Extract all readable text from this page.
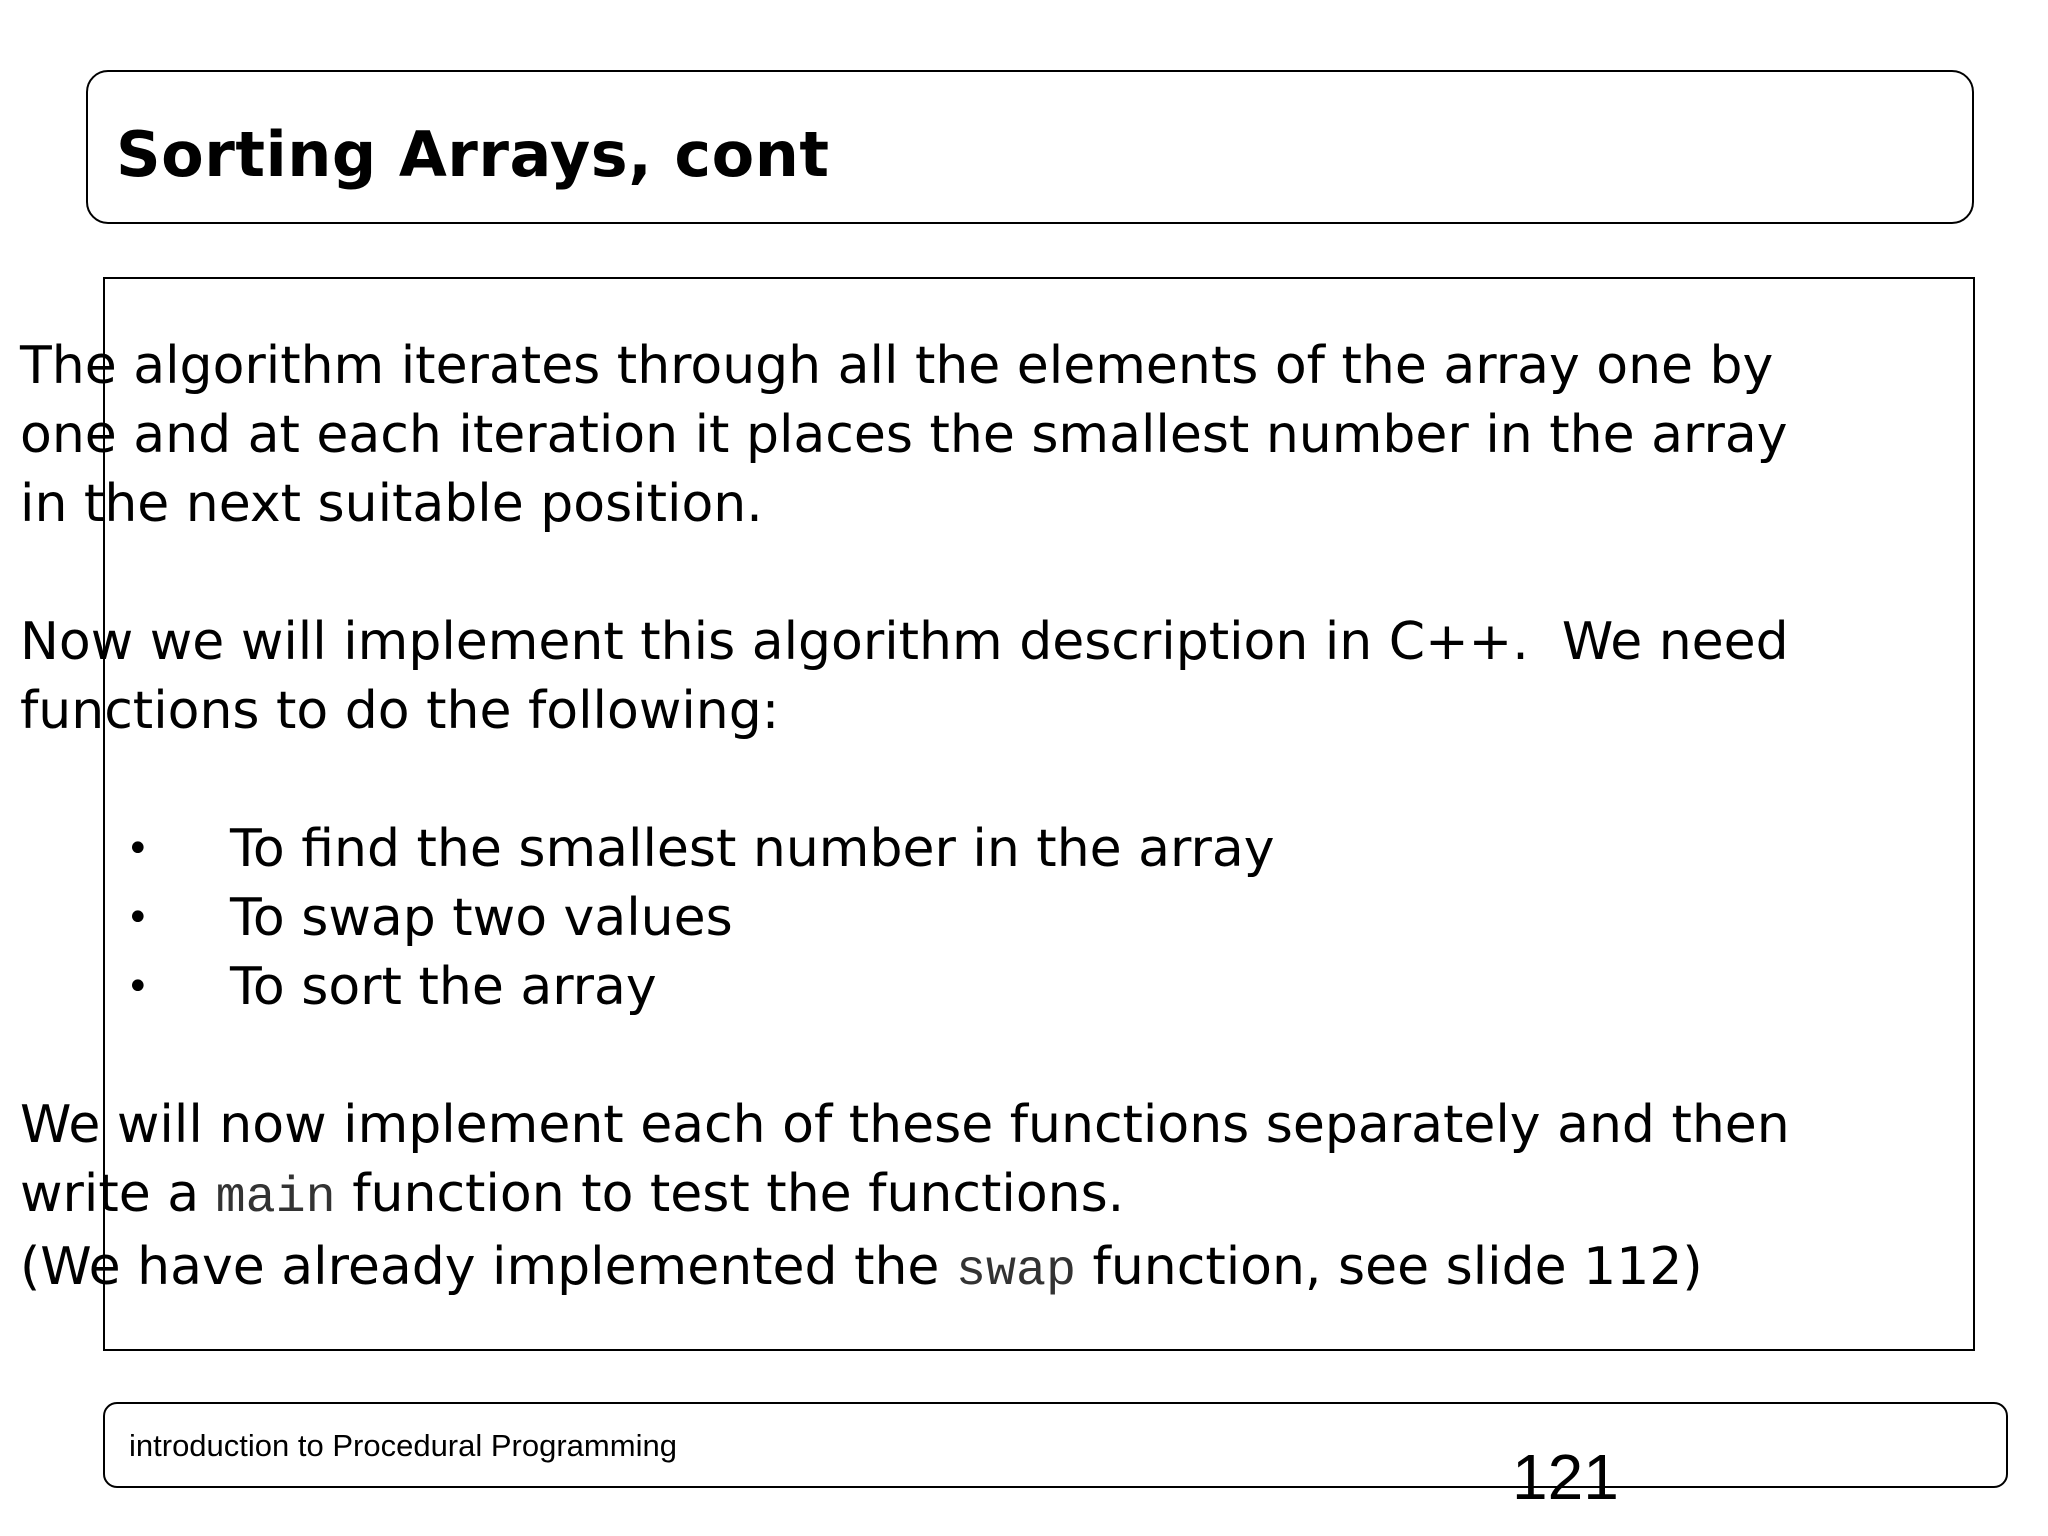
Sorting Arrays, cont

The algorithm iterates through all the elements of the array one by
one and at each iteration it places the smallest number in the array
in the next suitable position.

Now we will implement this algorithm description in C++.  We need
functions to do the following:

• To find the smallest number in the array
• To swap two values
• To sort the array

We will now implement each of these functions separately and then
write a main function to test the functions.
(We have already implemented the swap function, see slide 112)

introduction to Procedural Programming	121
